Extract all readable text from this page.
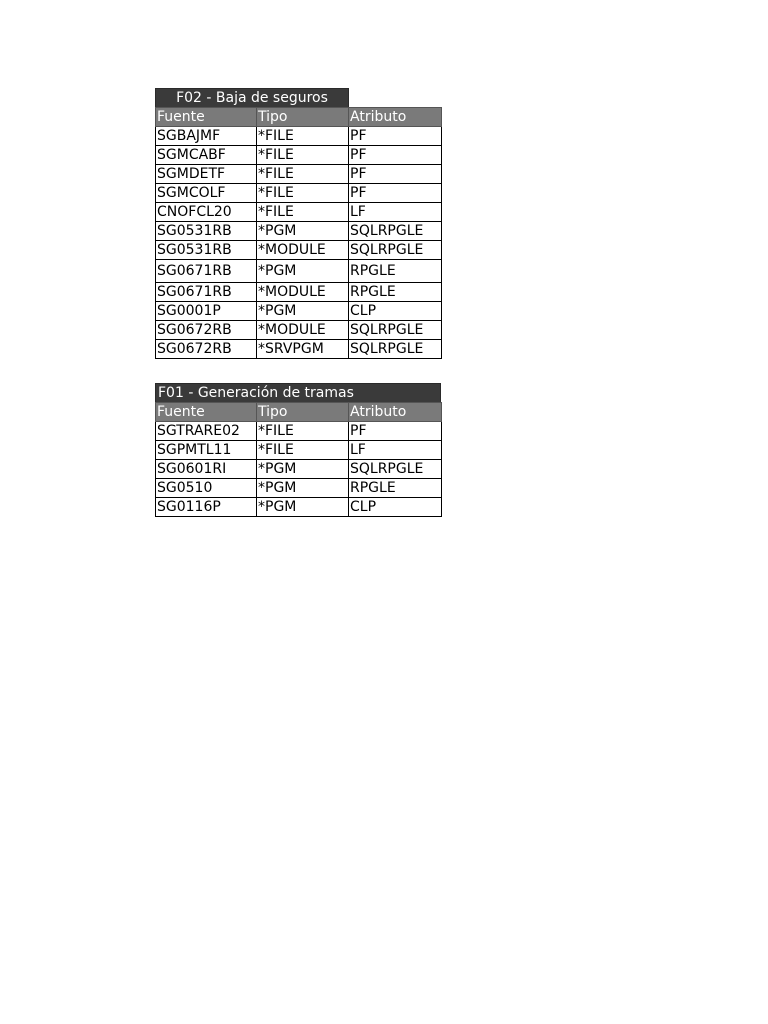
F02 - Baja de seguros
Fuente	Tipo	Atributo
SGBAJMF	*FILE	PF
SGMCABF	*FILE	PF
SGMDETF	*FILE	PF
SGMCOLF	*FILE	PF
CNOFCL20	*FILE	LF
SG0531RB	*PGM	SQLRPGLE
SG0531RB	*MODULE	SQLRPGLE
SG0671RB	*PGM	RPGLE
SG0671RB	*MODULE	RPGLE
SG0001P	*PGM	CLP
SG0672RB	*MODULE	SQLRPGLE
SG0672RB	*SRVPGM	SQLRPGLE
F01 - Generación de tramas
Fuente	Tipo	Atributo
SGTRARE02	*FILE	PF
SGPMTL11	*FILE	LF
SG0601RI	*PGM	SQLRPGLE
SG0510	*PGM	RPGLE
SG0116P	*PGM	CLP
